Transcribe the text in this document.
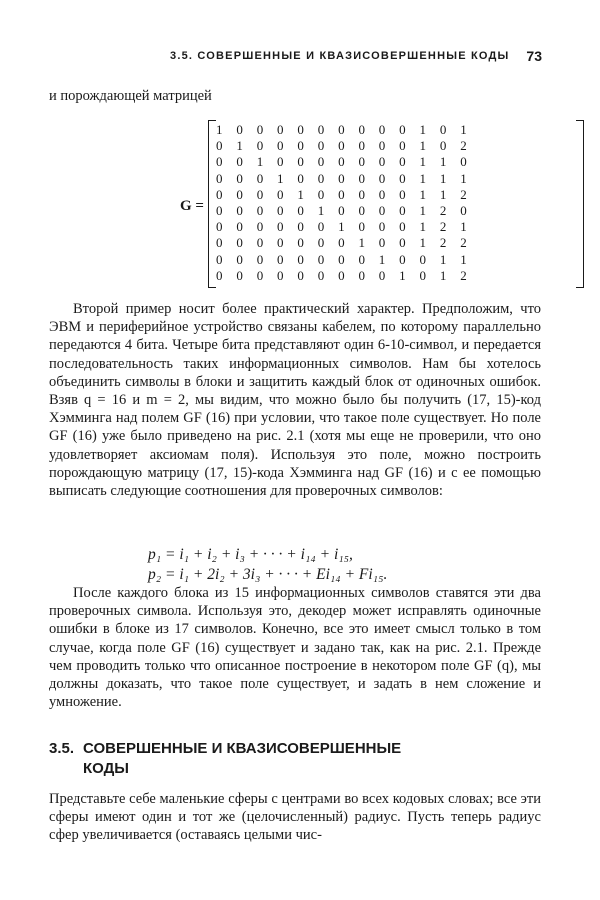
3.5. СОВЕРШЕННЫЕ И КВАЗИСОВЕРШЕННЫЕ КОДЫ 73
и порождающей матрицей
G =
1 0 0 0 0 0 0 0 0 0 1 0 1
0 1 0 0 0 0 0 0 0 0 1 0 2
0 0 1 0 0 0 0 0 0 0 1 1 0
0 0 0 1 0 0 0 0 0 0 1 1 1
0 0 0 0 1 0 0 0 0 0 1 1 2
0 0 0 0 0 1 0 0 0 0 1 2 0
0 0 0 0 0 0 1 0 0 0 1 2 1
0 0 0 0 0 0 0 1 0 0 1 2 2
0 0 0 0 0 0 0 0 1 0 0 1 1
0 0 0 0 0 0 0 0 0 1 0 1 2

Второй пример носит более практический характер. Предположим, что ЭВМ и периферийное устройство связаны кабелем, по которому параллельно передаются 4 бита. Четыре бита представляют один 6-10-символ, и передается последовательность таких информационных символов. Нам бы хотелось объединить символы в блоки и защитить каждый блок от одиночных ошибок. Взяв q = 16 и m = 2, мы видим, что можно было бы получить (17, 15)-код Хэмминга над полем GF (16) при условии, что такое поле существует. Но поле GF (16) уже было приведено на рис. 2.1 (хотя мы еще не проверили, что оно удовлетворяет аксиомам поля). Используя это поле, можно построить порождающую матрицу (17, 15)-кода Хэмминга над GF (16) и с ее помощью выписать следующие соотношения для проверочных символов:

p₁ = i₁ + i₂ + i₃ + · · · + i₁₄ + i₁₅,
p₂ = i₁ + 2i₂ + 3i₃ + · · · + Ei₁₄ + Fi₁₅.

После каждого блока из 15 информационных символов ставятся эти два проверочных символа. Используя это, декодер может исправлять одиночные ошибки в блоке из 17 символов. Конечно, все это имеет смысл только в том случае, когда поле GF (16) существует и задано так, как на рис. 2.1. Прежде чем проводить только что описанное построение в некотором поле GF (q), мы должны доказать, что такое поле существует, и задать в нем сложение и умножение.

3.5. СОВЕРШЕННЫЕ И КВАЗИСОВЕРШЕННЫЕ
КОДЫ

Представьте себе маленькие сферы с центрами во всех кодовых словах; все эти сферы имеют один и тот же (целочисленный) радиус. Пусть теперь радиус сфер увеличивается (оставаясь целыми чис-
